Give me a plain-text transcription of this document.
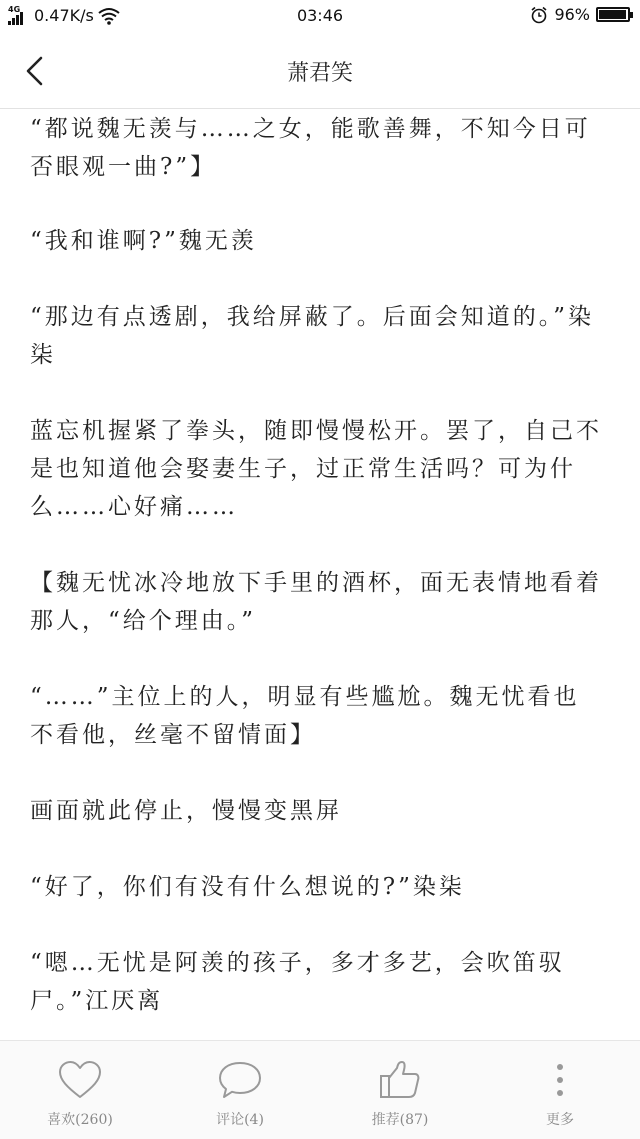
4G 0.47K/s	03:46	96%
萧君笑

“都说魏无羡与……之女，能歌善舞，不知今日可否眼观一曲?”】

“我和谁啊?”魏无羡

“那边有点透剧，我给屏蔽了。后面会知道的。”染柒

蓝忘机握紧了拳头，随即慢慢松开。罢了，自己不是也知道他会娶妻生子，过正常生活吗？可为什么……心好痛……

【魏无忧冰冷地放下手里的酒杯，面无表情地看着那人，“给个理由。”

“……”主位上的人，明显有些尴尬。魏无忧看也不看他，丝毫不留情面】

画面就此停止，慢慢变黑屏

“好了，你们有没有什么想说的?”染柒

“嗯…无忧是阿羡的孩子，多才多艺，会吹笛驭尸。”江厌离

喜欢(260)	评论(4)	推荐(87)	更多
